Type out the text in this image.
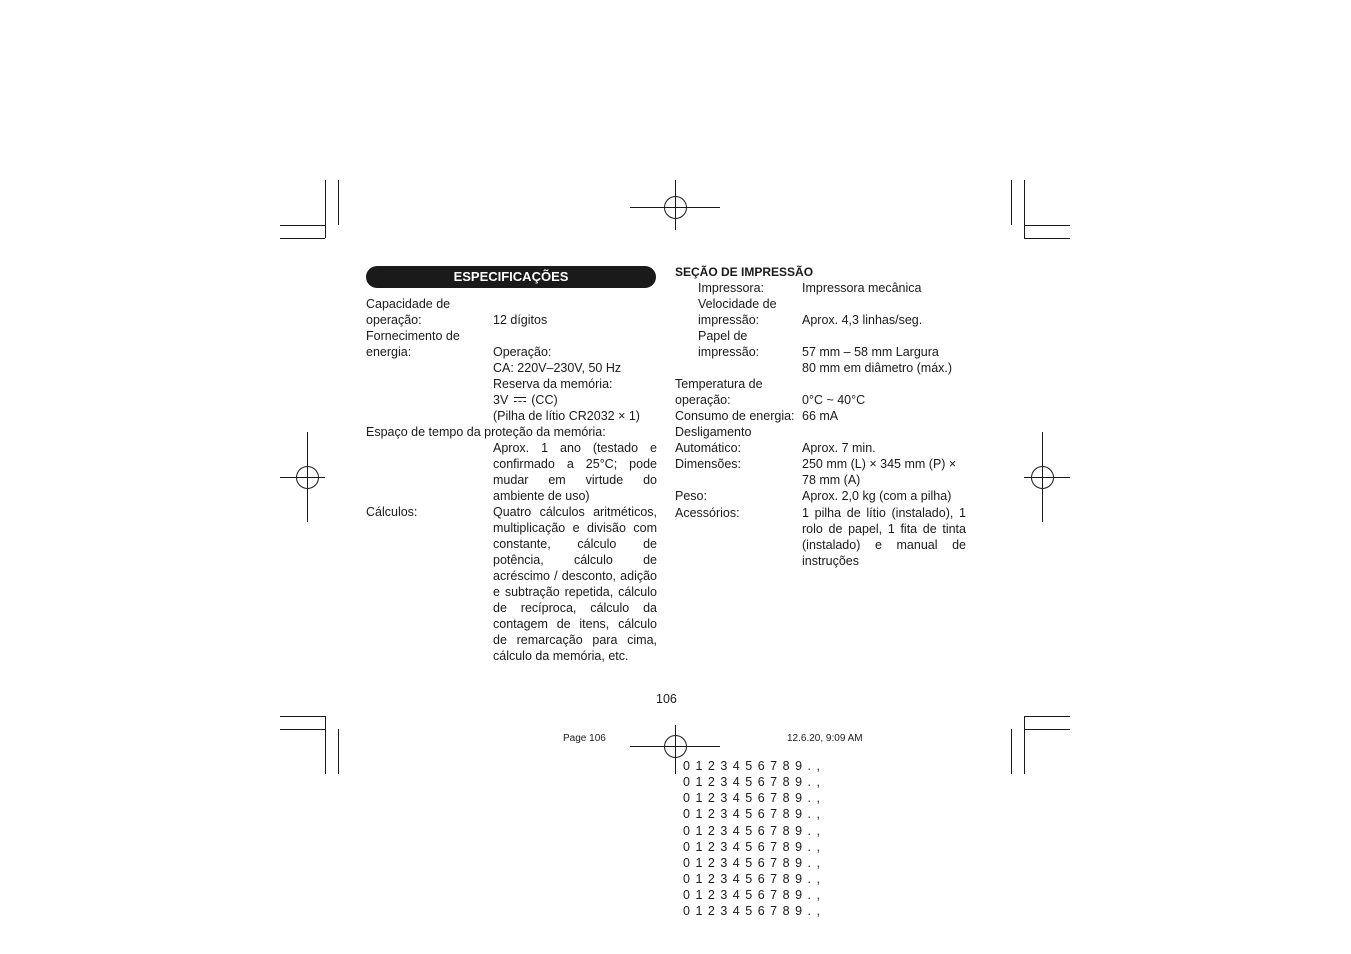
ESPECIFICAÇÕES
Capacidade de
operação:	12 dígitos
Fornecimento de
energia:	Operação:
CA: 220V–230V, 50 Hz
Reserva da memória:
3V (CC)
(Pilha de lítio CR2032 × 1)
Espaço de tempo da proteção da memória:
Aprox. 1 ano (testado e
confirmado a 25°C; pode
mudar em virtude do
ambiente de uso)
Cálculos:	Quatro cálculos aritméticos,
multiplicação e divisão com
constante, cálculo de
potência, cálculo de
acréscimo / desconto, adição
e subtração repetida, cálculo
de recíproca, cálculo da
contagem de itens, cálculo
de remarcação para cima,
cálculo da memória, etc.
SEÇÃO DE IMPRESSÃO
Impressora:	Impressora mecânica
Velocidade de
impressão:	Aprox. 4,3 linhas/seg.
Papel de
impressão:	57 mm – 58 mm Largura
80 mm em diâmetro (máx.)
Temperatura de
operação:	0°C ~ 40°C
Consumo de energia: 66 mA
Desligamento
Automático:	Aprox. 7 min.
Dimensões:	250 mm (L) × 345 mm (P) ×
78 mm (A)
Peso:	Aprox. 2,0 kg (com a pilha)
Acessórios:	1 pilha de lítio (instalado), 1
rolo de papel, 1 fita de tinta
(instalado) e manual de
instruções
106
Page 106	12.6.20, 9:09 AM
0123456789.,
0123456789.,
0123456789.,
0123456789.,
0123456789.,
0123456789.,
0123456789.,
0123456789.,
0123456789.,
0123456789.,
